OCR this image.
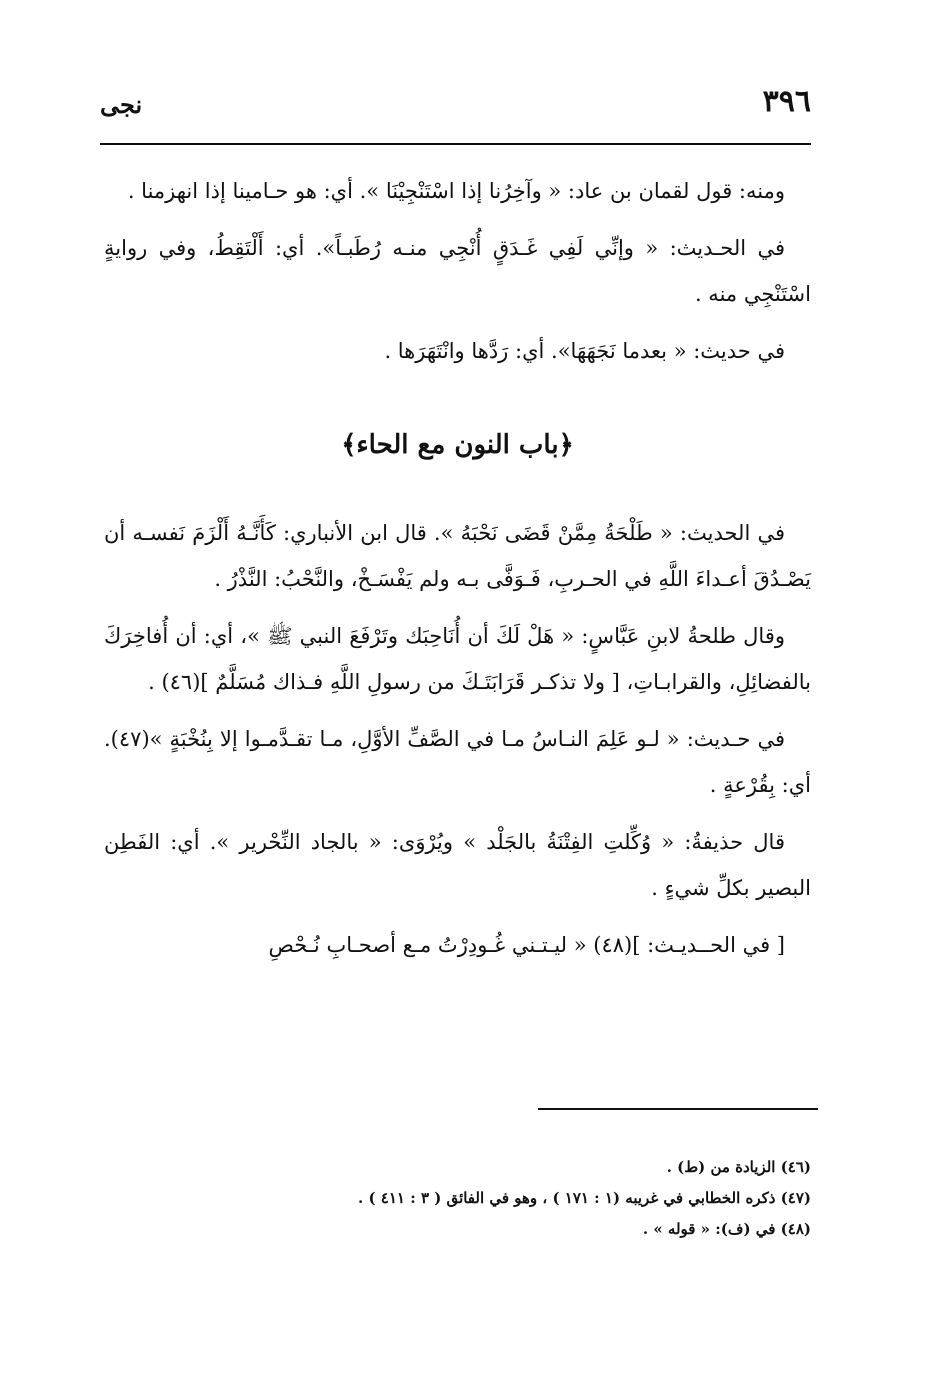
٣٩٦
نجى

ومنه: قول لقمان بن عاد: « وآخِرُنا إذا اسْتَنْجِيْنَا ». أي: هو حـامينا إذا انهزمنا .

في الحـديث: « وإنِّي لَفِي غَـدَقٍ أُنْجِي منـه رُطَبـاً». أي: أَلْتَقِطُ، وفي روايةٍ اسْتَنْجِي منه .

في حديث: « بعدما نَجَهَهَا». أي: رَدَّها وانْتَهَرَها .

﴿باب النون مع الحاء﴾

في الحديث: « طَلْحَةُ مِمَّنْ قَضَى نَحْبَهُ ». قال ابن الأنباري: كَأَنَّـهُ أَلْزَمَ نَفسـه أن يَصْـدُقَ أعـداءَ اللَّهِ في الحـربِ، فَـوَفَّى بـه ولم يَفْسَـخْ، والنَّحْبُ: النَّذْرُ .

وقال طلحةُ لابنِ عَبَّاسٍ: « هَلْ لَكَ أن أُنَاحِبَك وتَرْفَعَ النبي ﷺ »، أي: أن أُفاخِرَكَ بالفضائِلِ، والقرابـاتِ، [ ولا تذكـر قَرَابَتَـكَ من رسولِ اللَّهِ فـذاك مُسَلَّمٌ ](٤٦) .

في حـديث: « لـو عَلِمَ النـاسُ مـا في الصَّفِّ الأوَّلِ، مـا تقـدَّمـوا إلا بِنُخْبَةٍ »(٤٧). أي: بِقُرْعةٍ .

قال حذيفةُ: « وُكِّلتِ الفِتْنَةُ بالجَلْد » ويُرْوَى: « بالجاد النِّحْرير ». أي: الفَطِن البصير بكلِّ شيءٍ .

[ في الحــديـث: ](٤٨) « ليـتـني غُـودِرْتُ مـع أصحـابِ نُـحْصِ

(٤٦) الزيادة من (ط) .

(٤٧) ذكره الخطابي في غريبه (١ : ١٧١ ) ، وهو في الفائق ( ٣ : ٤١١ ) .

(٤٨) في (ف): « قوله » .
